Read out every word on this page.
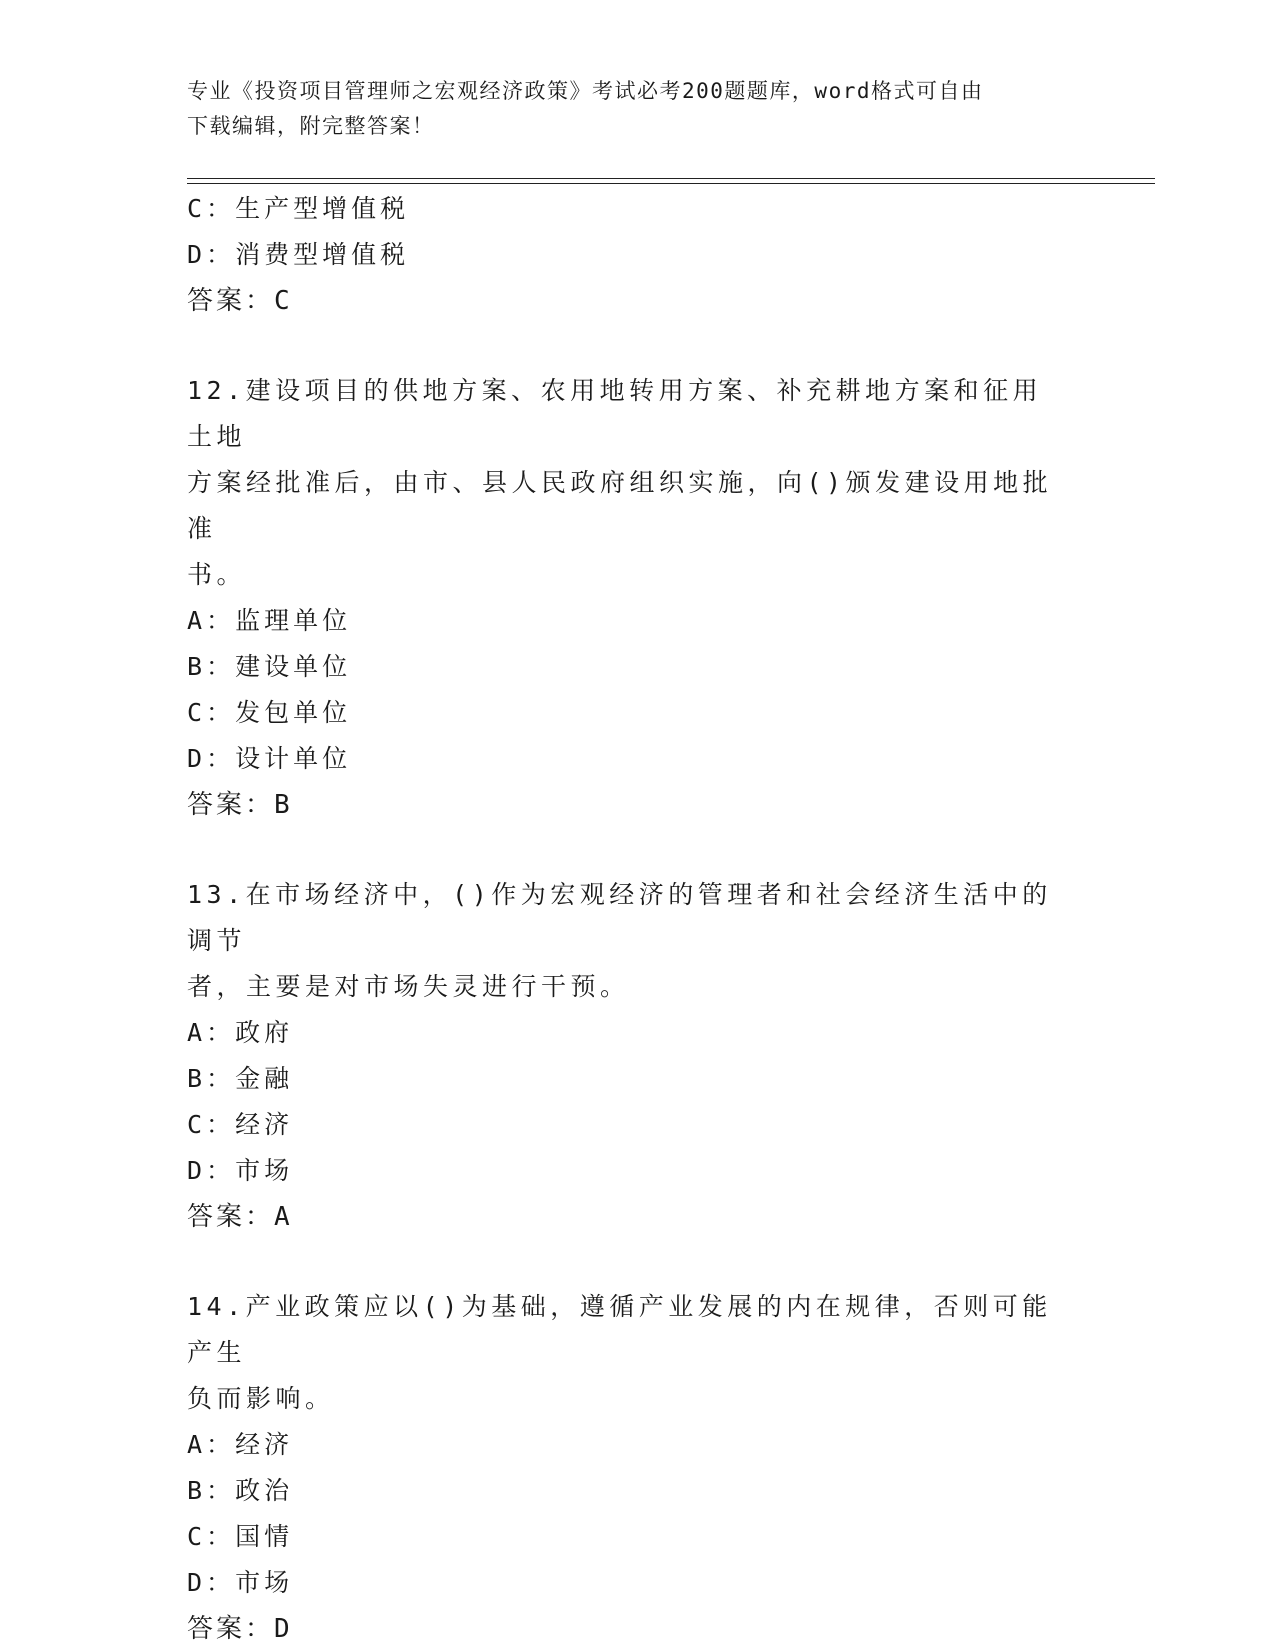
专业《投资项目管理师之宏观经济政策》考试必考200题题库，word格式可自由
下载编辑，附完整答案！
C：生产型增值税
D：消费型增值税
答案：C
12.建设项目的供地方案、农用地转用方案、补充耕地方案和征用土地
方案经批准后，由市、县人民政府组织实施，向()颁发建设用地批准
书。
A：监理单位
B：建设单位
C：发包单位
D：设计单位
答案：B
13.在市场经济中，()作为宏观经济的管理者和社会经济生活中的调节
者，主要是对市场失灵进行干预。
A：政府
B：金融
C：经济
D：市场
答案：A
14.产业政策应以()为基础，遵循产业发展的内在规律，否则可能产生
负而影响。
A：经济
B：政治
C：国情
D：市场
答案：D
